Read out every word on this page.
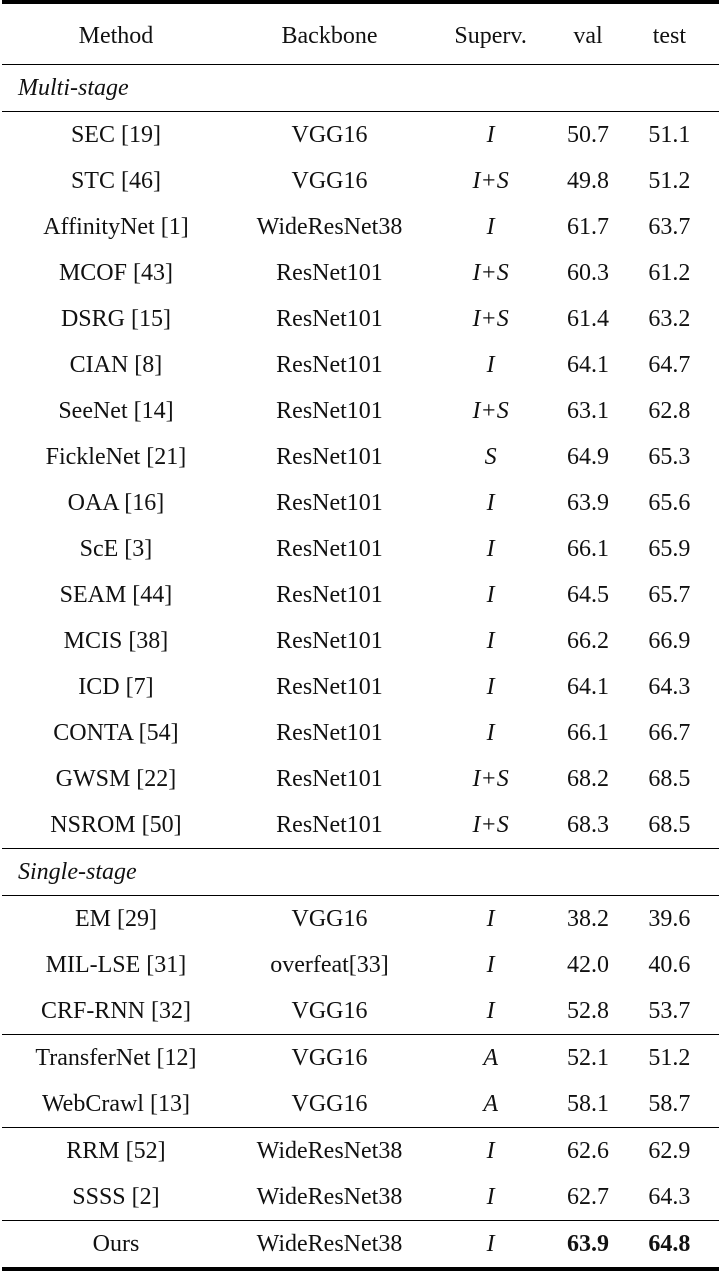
Method	Backbone	Superv.	val	test
Multi-stage				
SEC [19]	VGG16	I	50.7	51.1
STC [46]	VGG16	I+S	49.8	51.2
AffinityNet [1]	WideResNet38	I	61.7	63.7
MCOF [43]	ResNet101	I+S	60.3	61.2
DSRG [15]	ResNet101	I+S	61.4	63.2
CIAN [8]	ResNet101	I	64.1	64.7
SeeNet [14]	ResNet101	I+S	63.1	62.8
FickleNet [21]	ResNet101	S	64.9	65.3
OAA [16]	ResNet101	I	63.9	65.6
ScE [3]	ResNet101	I	66.1	65.9
SEAM [44]	ResNet101	I	64.5	65.7
MCIS [38]	ResNet101	I	66.2	66.9
ICD [7]	ResNet101	I	64.1	64.3
CONTA [54]	ResNet101	I	66.1	66.7
GWSM [22]	ResNet101	I+S	68.2	68.5
NSROM [50]	ResNet101	I+S	68.3	68.5
Single-stage				
EM [29]	VGG16	I	38.2	39.6
MIL-LSE [31]	overfeat[33]	I	42.0	40.6
CRF-RNN [32]	VGG16	I	52.8	53.7
TransferNet [12]	VGG16	A	52.1	51.2
WebCrawl [13]	VGG16	A	58.1	58.7
RRM [52]	WideResNet38	I	62.6	62.9
SSSS [2]	WideResNet38	I	62.7	64.3
Ours	WideResNet38	I	63.9	64.8
